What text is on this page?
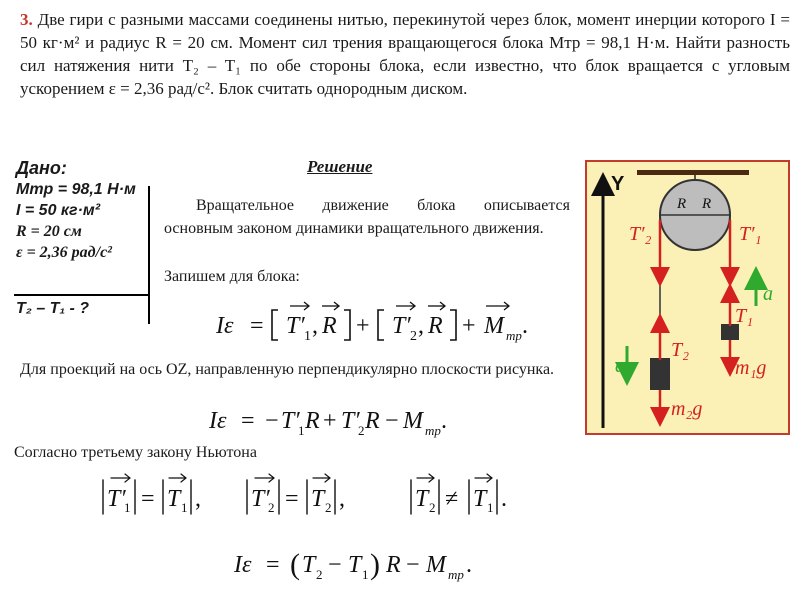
3. Две гири с разными массами соединены нитью, перекинутой через блок, момент инерции которого I = 50 кг·м² и радиус R = 20 см. Момент сил трения вращающегося блока Mтр = 98,1 Н·м. Найти разность сил натяжения нити T₂ – T₁ по обе стороны блока, если известно, что блок вращается с угловым ускорением ε = 2,36 рад/с². Блок считать однородным диском.
Дано:
Mтр = 98,1 Н·м
I = 50 кг·м²
R = 20 см
ε = 2,36 рад/с²
T₂ – T₁ - ?
Решение
Вращательное движение блока описывается основным законом динамики вращательного движения.
Запишем для блока:
Для проекций на ось OZ, направленную перпендикулярно плоскости рисунка.
Согласно третьему закону Ньютона
Iε = T′ 1 , R + T′ 2 , R + M тр .
Iε = − T′
1 R + T′
2 R − M тр .
T′
1 = T 1 , T′
2 = T 2 ,	T 2 ≠ T 1 .
Iε = ( T 2 − T 1 ) R − M тр .
Y
R R
T′₂	T′₁
T₁
T₂
m₁g
m₂g
a
a
